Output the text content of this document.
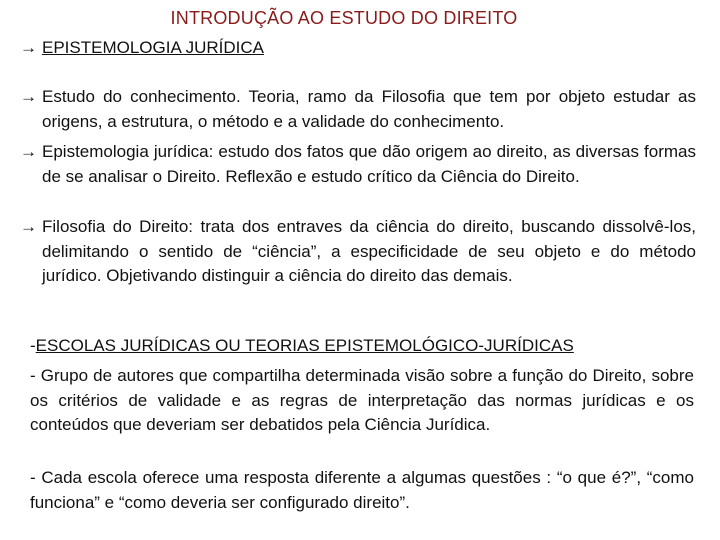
INTRODUÇÃO AO ESTUDO DO DIREITO
→ EPISTEMOLOGIA JURÍDICA
→ Estudo do conhecimento. Teoria, ramo da Filosofia que tem por objeto estudar as origens, a estrutura, o método e a validade do conhecimento.
→ Epistemologia jurídica: estudo dos fatos que dão origem ao direito, as diversas formas de se analisar o Direito. Reflexão e estudo crítico da Ciência do Direito.
→ Filosofia do Direito: trata dos entraves da ciência do direito, buscando dissolvê-los, delimitando o sentido de “ciência”, a especificidade de seu objeto e do método jurídico. Objetivando distinguir a ciência do direito das demais.
-ESCOLAS JURÍDICAS OU TEORIAS EPISTEMOLÓGICO-JURÍDICAS
- Grupo de autores que compartilha determinada visão sobre a função do Direito, sobre os critérios de validade e as regras de interpretação das normas jurídicas e os conteúdos que deveriam ser debatidos pela Ciência Jurídica.
- Cada escola oferece uma resposta diferente a algumas questões : “o que é?”, “como funciona” e “como deveria ser configurado direito”.
